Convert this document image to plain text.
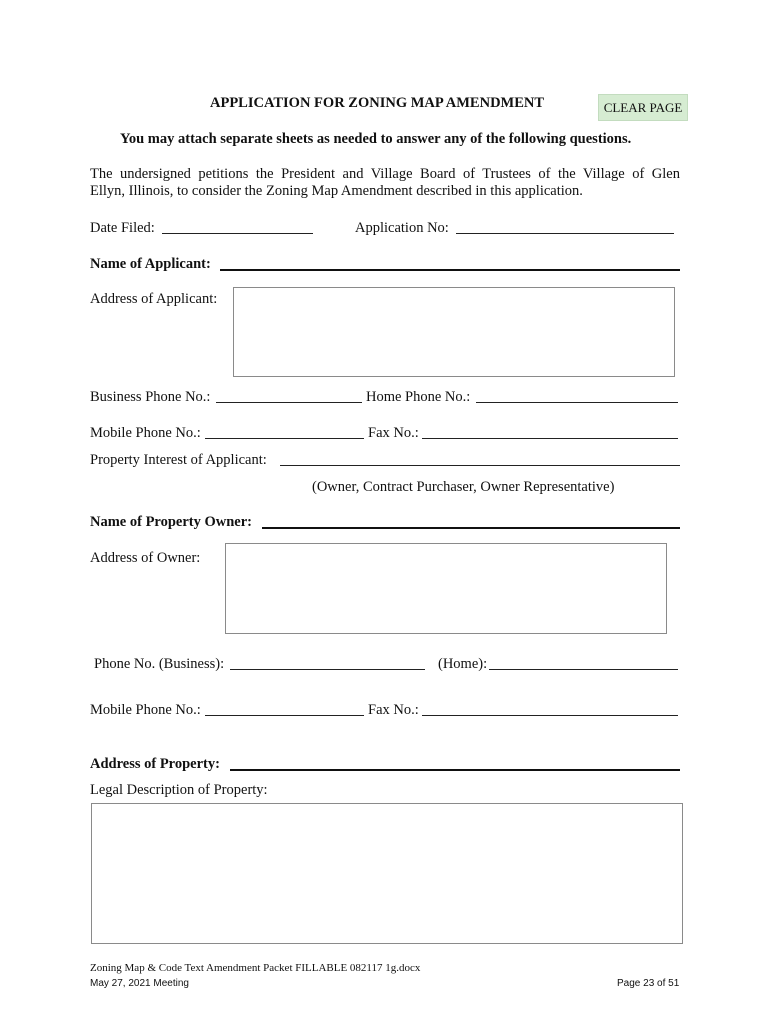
APPLICATION FOR ZONING MAP AMENDMENT	CLEAR PAGE
You may attach separate sheets as needed to answer any of the following questions.
The undersigned petitions the President and Village Board of Trustees of the Village of Glen
Ellyn, Illinois, to consider the Zoning Map Amendment described in this application.
Date Filed:	Application No:
Name of Applicant:
Address of Applicant:
Business Phone No.:	Home Phone No.:
Mobile Phone No.:	Fax No.:
Property Interest of Applicant:
(Owner, Contract Purchaser, Owner Representative)
Name of Property Owner:
Address of Owner:
Phone No. (Business):	(Home):
Mobile Phone No.:	Fax No.:
Address of Property:
Legal Description of Property:
Zoning Map & Code Text Amendment Packet FILLABLE 082117 1g.docx
May 27, 2021 Meeting	Page 23 of 51
